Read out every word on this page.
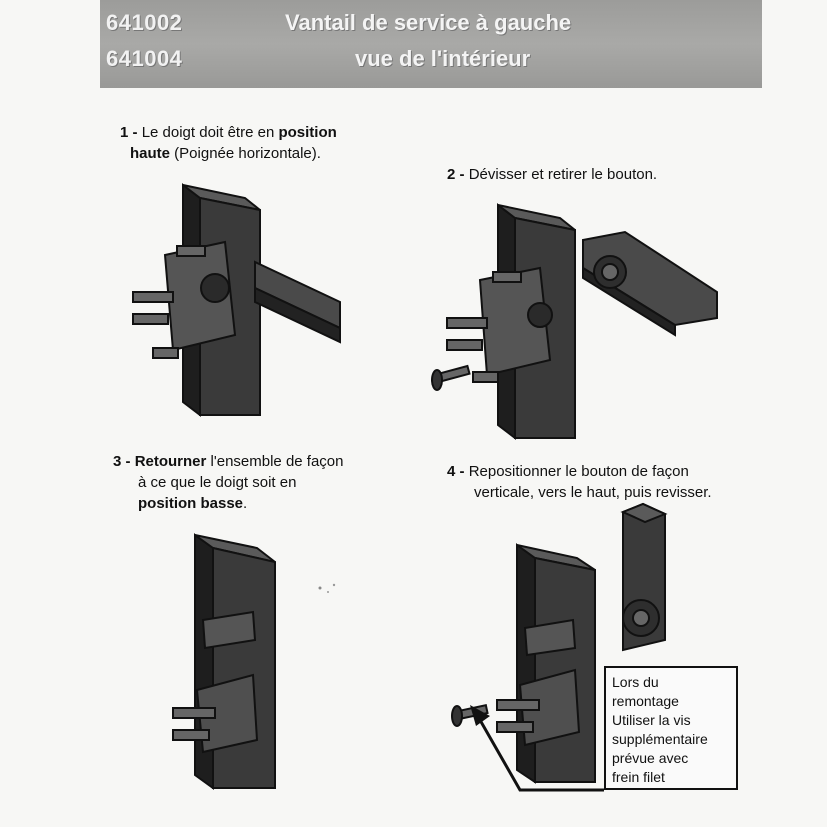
641002
641004
Vantail de service à gauche
vue de l'intérieur
1 - Le doigt doit être en position
haute (Poignée horizontale).
2 - Dévisser et retirer le bouton.
3 - Retourner l'ensemble de façon
à ce que le doigt soit en
position basse.
4 - Repositionner le bouton de façon
verticale, vers le haut, puis revisser.
Lors du
remontage
Utiliser la vis
supplémentaire
prévue avec
frein filet
